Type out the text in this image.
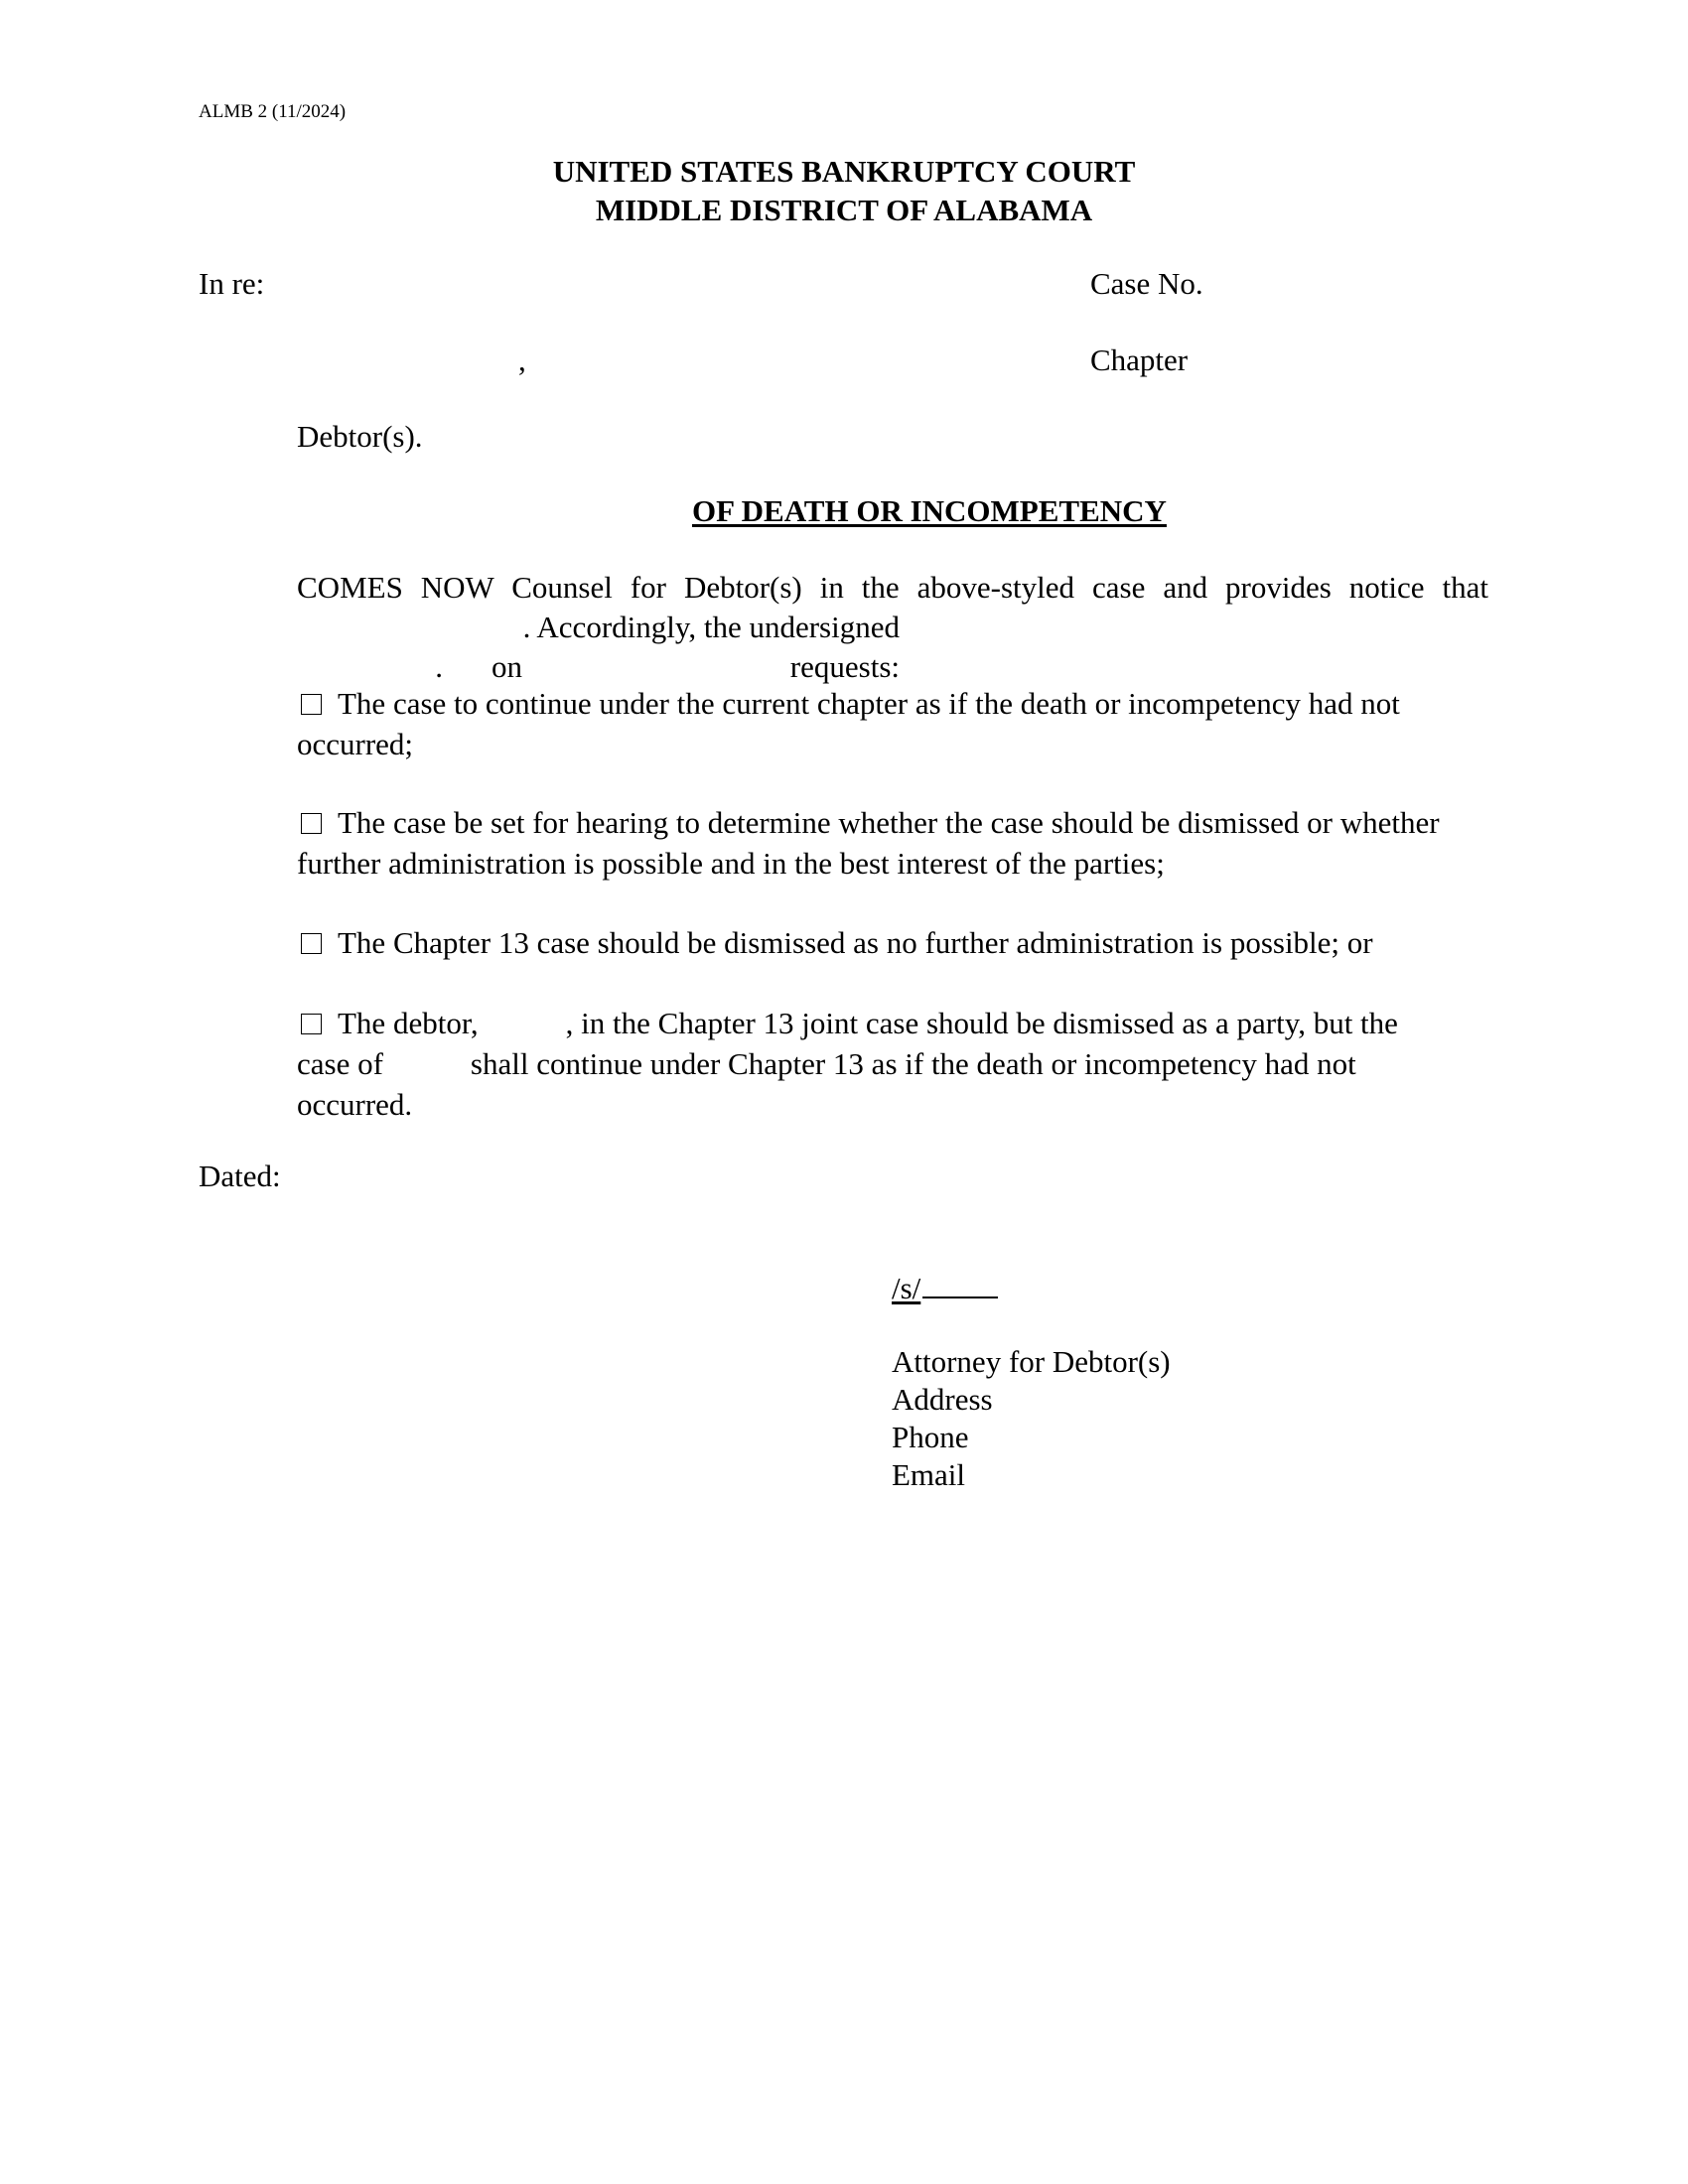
ALMB 2 (11/2024)
UNITED STATES BANKRUPTCY COURT
MIDDLE DISTRICT OF ALABAMA
In re:	Case No.
,	Chapter
Debtor(s).
OF DEATH OR INCOMPETENCY
COMES NOW Counsel for Debtor(s) in the above-styled case and provides notice that
. on. Accordingly, the undersigned requests:
The case to continue under the current chapter as if the death or incompetency had not occurred;
The case be set for hearing to determine whether the case should be dismissed or whether further administration is possible and in the best interest of the parties;
The Chapter 13 case should be dismissed as no further administration is possible; or
The debtor,	, in the Chapter 13 joint case should be dismissed as a party, but the
case of	shall continue under Chapter 13 as if the death or incompetency had not
occurred.
Dated:
/s/
Attorney for Debtor(s)
Address
Phone
Email
